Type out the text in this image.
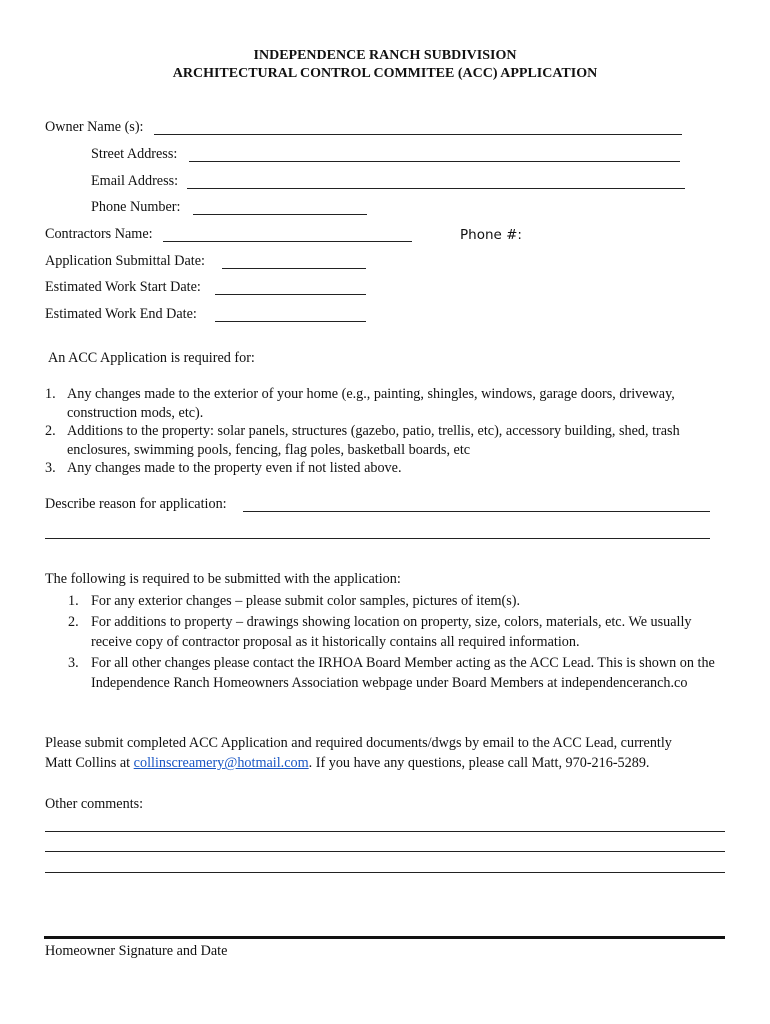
INDEPENDENCE RANCH SUBDIVISION
ARCHITECTURAL CONTROL COMMITEE (ACC) APPLICATION
Owner Name (s):
Street Address:
Email Address:
Phone Number:
Contractors Name:	Phone #:
Application Submittal Date:
Estimated Work Start Date:
Estimated Work End Date:
An ACC Application is required for:
1. Any changes made to the exterior of your home (e.g., painting, shingles, windows, garage doors, driveway, construction mods, etc).
2. Additions to the property: solar panels, structures (gazebo, patio, trellis, etc), accessory building, shed, trash enclosures, swimming pools, fencing, flag poles, basketball boards, etc
3. Any changes made to the property even if not listed above.
Describe reason for application:
The following is required to be submitted with the application:
1. For any exterior changes – please submit color samples, pictures of item(s).
2. For additions to property – drawings showing location on property, size, colors, materials, etc. We usually receive copy of contractor proposal as it historically contains all required information.
3. For all other changes please contact the IRHOA Board Member acting as the ACC Lead. This is shown on the Independence Ranch Homeowners Association webpage under Board Members at independenceranch.co
Please submit completed ACC Application and required documents/dwgs by email to the ACC Lead, currently
Matt Collins at collinscreamery@hotmail.com. If you have any questions, please call Matt, 970-216-5289.
Other comments:
Homeowner Signature and Date
